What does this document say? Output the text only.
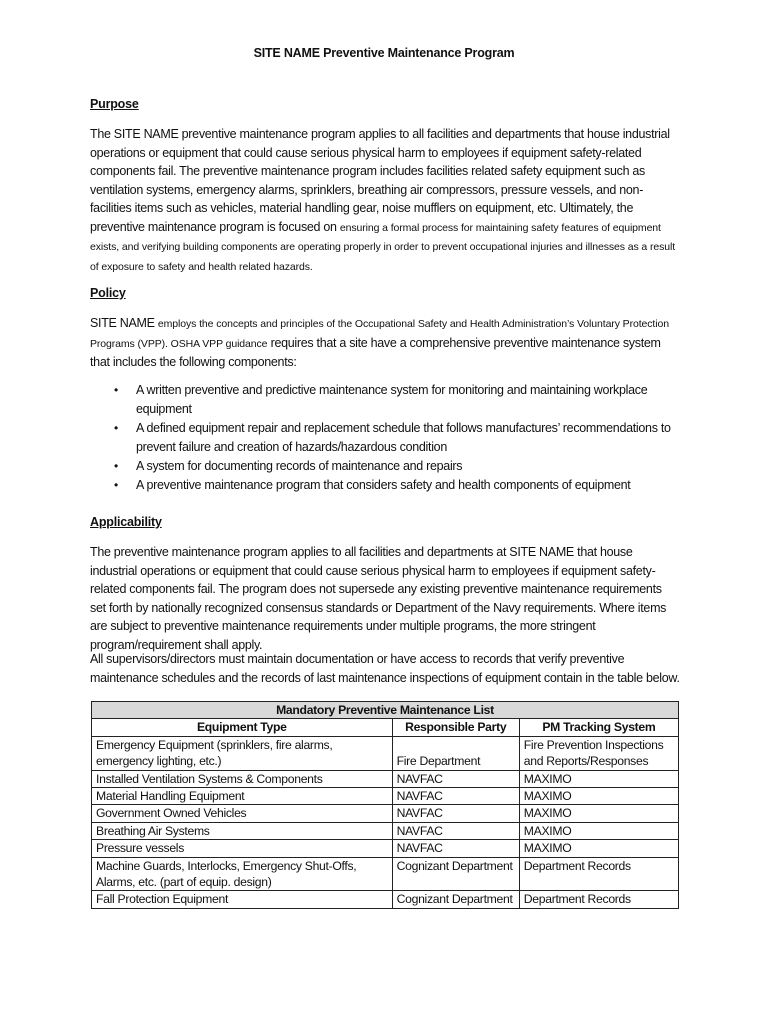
SITE NAME Preventive Maintenance Program
Purpose

The SITE NAME preventive maintenance program applies to all facilities and departments that house industrial operations or equipment that could cause serious physical harm to employees if equipment safety-related components fail. The preventive maintenance program includes facilities related safety equipment such as ventilation systems, emergency alarms, sprinklers, breathing air compressors, pressure vessels, and non-facilities items such as vehicles, material handling gear, noise mufflers on equipment, etc. Ultimately, the preventive maintenance program is focused on ensuring a formal process for maintaining safety features of equipment exists, and verifying building components are operating properly in order to prevent occupational injuries and illnesses as a result of exposure to safety and health related hazards.

Policy

SITE NAME employs the concepts and principles of the Occupational Safety and Health Administration’s Voluntary Protection Programs (VPP). OSHA VPP guidance requires that a site have a comprehensive preventive maintenance system that includes the following components:

• A written preventive and predictive maintenance system for monitoring and maintaining workplace equipment
• A defined equipment repair and replacement schedule that follows manufactures’ recommendations to prevent failure and creation of hazards/hazardous condition
• A system for documenting records of maintenance and repairs
• A preventive maintenance program that considers safety and health components of equipment
Applicability

The preventive maintenance program applies to all facilities and departments at SITE NAME that house industrial operations or equipment that could cause serious physical harm to employees if equipment safety-related components fail. The program does not supersede any existing preventive maintenance requirements set forth by nationally recognized consensus standards or Department of the Navy requirements. Where items are subject to preventive maintenance requirements under multiple programs, the more stringent program/requirement shall apply.

All supervisors/directors must maintain documentation or have access to records that verify preventive maintenance schedules and the records of last maintenance inspections of equipment contain in the table below.

Mandatory Preventive Maintenance List		
Equipment Type	Responsible Party	PM Tracking System
Emergency Equipment (sprinklers, fire alarms, emergency lighting, etc.)	Fire Department	Fire Prevention Inspections and Reports/Responses
Installed Ventilation Systems & Components	NAVFAC	MAXIMO
Material Handling Equipment	NAVFAC	MAXIMO
Government Owned Vehicles	NAVFAC	MAXIMO
Breathing Air Systems	NAVFAC	MAXIMO
Pressure vessels	NAVFAC	MAXIMO
Machine Guards, Interlocks, Emergency Shut-Offs, Alarms, etc. (part of equip. design)	Cognizant Department	Department Records
Fall Protection Equipment	Cognizant Department	Department Records
